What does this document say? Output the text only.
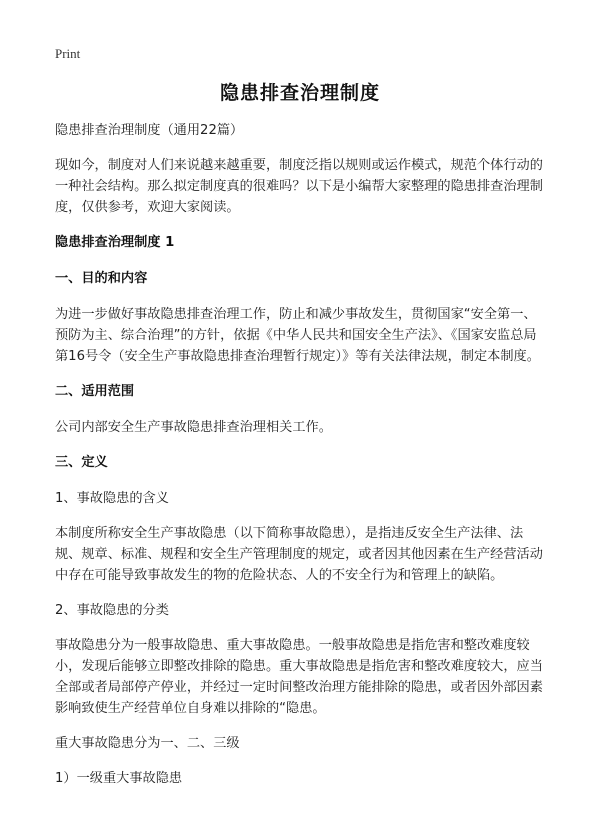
Print
隐患排查治理制度

隐患排查治理制度（通用22篇）

现如今，制度对人们来说越来越重要，制度泛指以规则或运作模式，规范个体行动的一种社会结构。那么拟定制度真的很难吗？以下是小编帮大家整理的隐患排查治理制度，仅供参考，欢迎大家阅读。

隐患排查治理制度 1

一、目的和内容

为进一步做好事故隐患排查治理工作，防止和减少事故发生，贯彻国家“安全第一、预防为主、综合治理”的方针，依据《中华人民共和国安全生产法》、《国家安监总局第16号令（安全生产事故隐患排查治理暂行规定）》等有关法律法规，制定本制度。

二、适用范围

公司内部安全生产事故隐患排查治理相关工作。

三、定义

1、事故隐患的含义

本制度所称安全生产事故隐患（以下简称事故隐患），是指违反安全生产法律、法规、规章、标准、规程和安全生产管理制度的规定，或者因其他因素在生产经营活动中存在可能导致事故发生的物的危险状态、人的不安全行为和管理上的缺陷。

2、事故隐患的分类

事故隐患分为一般事故隐患、重大事故隐患。一般事故隐患是指危害和整改难度较小，发现后能够立即整改排除的隐患。重大事故隐患是指危害和整改难度较大，应当全部或者局部停产停业，并经过一定时间整改治理方能排除的隐患，或者因外部因素影响致使生产经营单位自身难以排除的“隐患。

重大事故隐患分为一、二、三级

1）一级重大事故隐患
